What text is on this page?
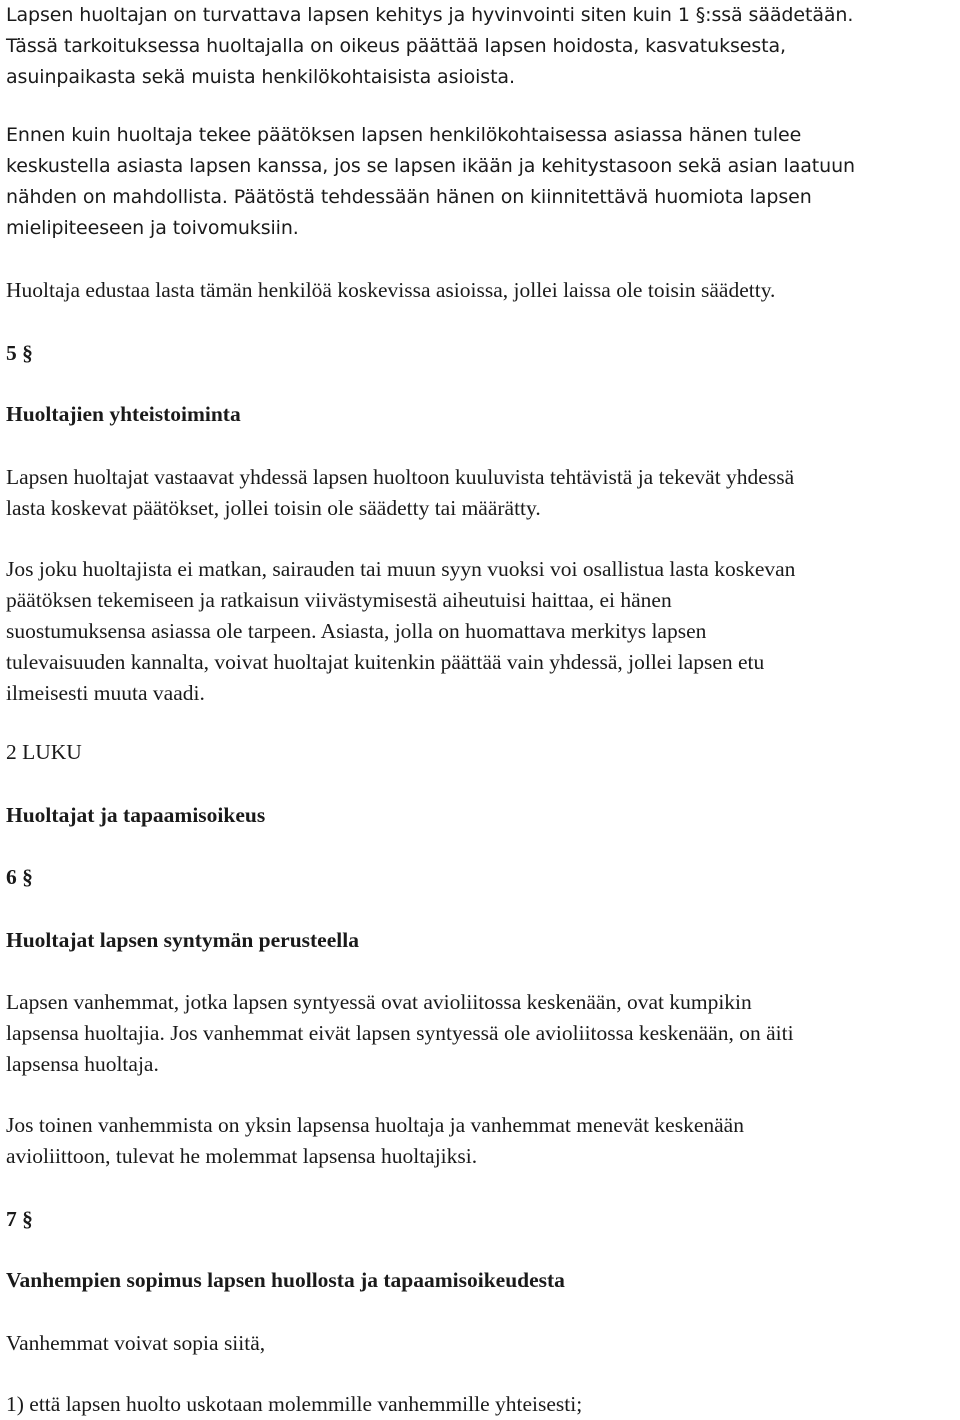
Lapsen huoltajan on turvattava lapsen kehitys ja hyvinvointi siten kuin 1 §:ssä säädetään.
Tässä tarkoituksessa huoltajalla on oikeus päättää lapsen hoidosta, kasvatuksesta,
asuinpaikasta sekä muista henkilökohtaisista asioista.
Ennen kuin huoltaja tekee päätöksen lapsen henkilökohtaisessa asiassa hänen tulee
keskustella asiasta lapsen kanssa, jos se lapsen ikään ja kehitystasoon sekä asian laatuun
nähden on mahdollista. Päätöstä tehdessään hänen on kiinnitettävä huomiota lapsen
mielipiteeseen ja toivomuksiin.
Huoltaja edustaa lasta tämän henkilöä koskevissa asioissa, jollei laissa ole toisin säädetty.
5 §
Huoltajien yhteistoiminta
Lapsen huoltajat vastaavat yhdessä lapsen huoltoon kuuluvista tehtävistä ja tekevät yhdessä
lasta koskevat päätökset, jollei toisin ole säädetty tai määrätty.
Jos joku huoltajista ei matkan, sairauden tai muun syyn vuoksi voi osallistua lasta koskevan
päätöksen tekemiseen ja ratkaisun viivästymisestä aiheutuisi haittaa, ei hänen
suostumuksensa asiassa ole tarpeen. Asiasta, jolla on huomattava merkitys lapsen
tulevaisuuden kannalta, voivat huoltajat kuitenkin päättää vain yhdessä, jollei lapsen etu
ilmeisesti muuta vaadi.
2 LUKU
Huoltajat ja tapaamisoikeus
6 §
Huoltajat lapsen syntymän perusteella
Lapsen vanhemmat, jotka lapsen syntyessä ovat avioliitossa keskenään, ovat kumpikin
lapsensa huoltajia. Jos vanhemmat eivät lapsen syntyessä ole avioliitossa keskenään, on äiti
lapsensa huoltaja.
Jos toinen vanhemmista on yksin lapsensa huoltaja ja vanhemmat menevät keskenään
avioliittoon, tulevat he molemmat lapsensa huoltajiksi.
7 §
Vanhempien sopimus lapsen huollosta ja tapaamisoikeudesta
Vanhemmat voivat sopia siitä,
1) että lapsen huolto uskotaan molemmille vanhemmille yhteisesti;
